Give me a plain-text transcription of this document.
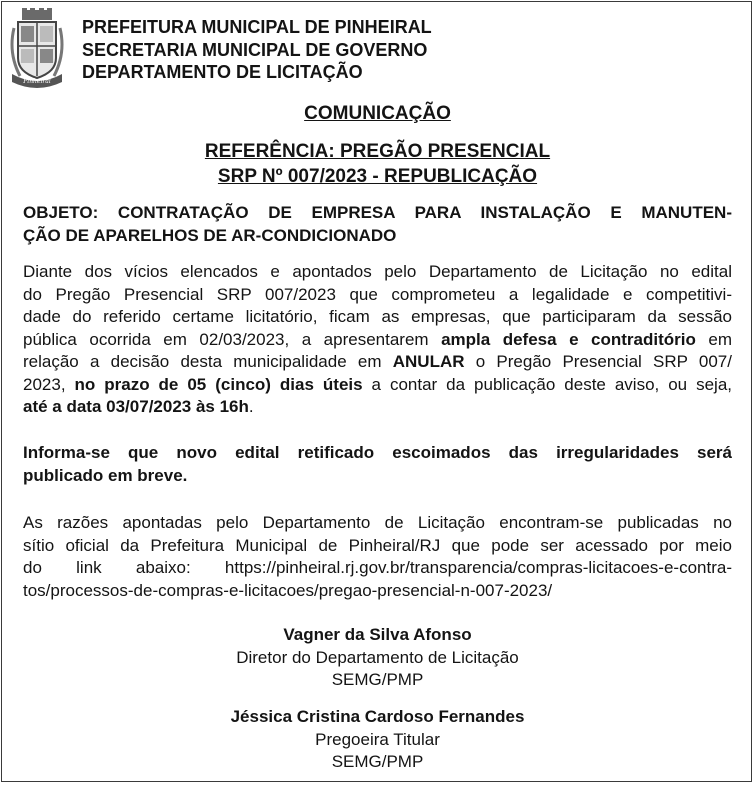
Pinheiral
PREFEITURA MUNICIPAL DE PINHEIRAL
SECRETARIA MUNICIPAL DE GOVERNO
DEPARTAMENTO DE LICITAÇÃO
COMUNICAÇÃO
REFERÊNCIA: PREGÃO PRESENCIAL
SRP Nº 007/2023 - REPUBLICAÇÃO
OBJETO: CONTRATAÇÃO DE EMPRESA PARA INSTALAÇÃO E MANUTEN-
ÇÃO DE APARELHOS DE AR-CONDICIONADO
Diante dos vícios elencados e apontados pelo Departamento de Licitação no edital
do Pregão Presencial SRP 007/2023 que comprometeu a legalidade e competitivi-
dade do referido certame licitatório, ficam as empresas, que participaram da sessão
pública ocorrida em 02/03/2023, a apresentarem ampla defesa e contraditório em
relação a decisão desta municipalidade em ANULAR o Pregão Presencial SRP 007/
2023, no prazo de 05 (cinco) dias úteis a contar da publicação deste aviso, ou seja,
até a data 03/07/2023 às 16h.
Informa-se que novo edital retificado escoimados das irregularidades será
publicado em breve.
As razões apontadas pelo Departamento de Licitação encontram-se publicadas no
sítio oficial da Prefeitura Municipal de Pinheiral/RJ que pode ser acessado por meio
do link abaixo: https://pinheiral.rj.gov.br/transparencia/compras-licitacoes-e-contra-
tos/processos-de-compras-e-licitacoes/pregao-presencial-n-007-2023/
Vagner da Silva Afonso
Diretor do Departamento de Licitação
SEMG/PMP
Jéssica Cristina Cardoso Fernandes
Pregoeira Titular
SEMG/PMP
